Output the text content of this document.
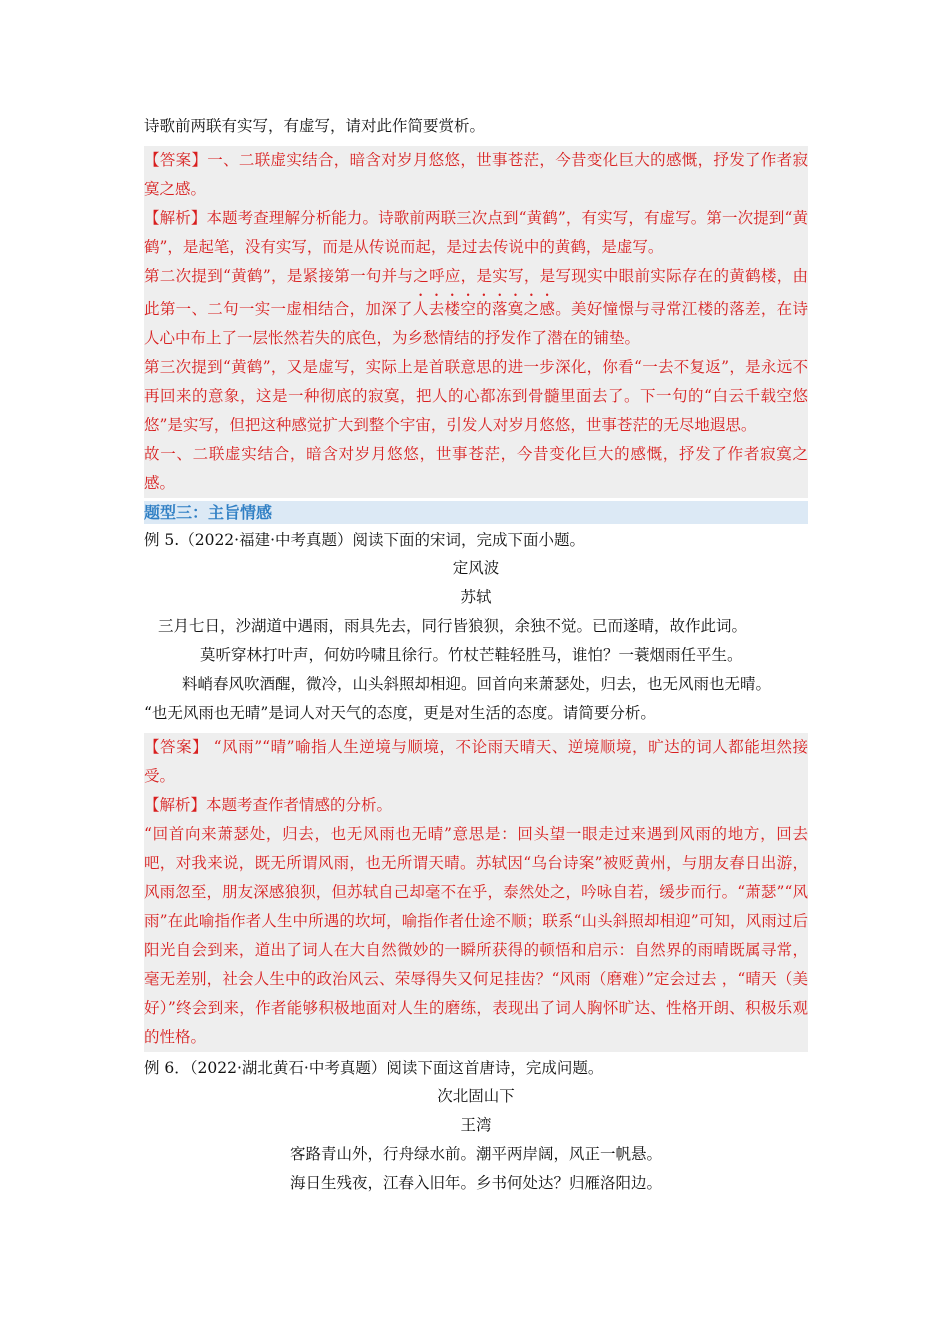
诗歌前两联有实写，有虚写，请对此作简要赏析。

【答案】一、二联虚实结合，暗含对岁月悠悠，世事苍茫，今昔变化巨大的感慨，抒发了作者寂寞之感。

【解析】本题考查理解分析能力。诗歌前两联三次点到“黄鹤”，有实写，有虚写。第一次提到“黄鹤”，是起笔，没有实写，而是从传说而起，是过去传说中的黄鹤，是虚写。

第二次提到“黄鹤”，是紧接第一句并与之呼应，是实写，是写现实中眼前实际存在的黄鹤楼，由此第一、二句一实一虚相结合，加深了人去楼空的落寞之感。美好憧憬与寻常江楼的落差，在诗人心中布上了一层怅然若失的底色，为乡愁情结的抒发作了潜在的铺垫。

第三次提到“黄鹤”，又是虚写，实际上是首联意思的进一步深化，你看“一去不复返”，是永远不再回来的意象，这是一种彻底的寂寞，把人的心都冻到骨髓里面去了。下一句的“白云千载空悠悠”是实写，但把这种感觉扩大到整个宇宙，引发人对岁月悠悠，世事苍茫的无尽地遐思。

故一、二联虚实结合，暗含对岁月悠悠，世事苍茫，今昔变化巨大的感慨，抒发了作者寂寞之感。

题型三：主旨情感

例 5.（2022·福建·中考真题）阅读下面的宋词，完成下面小题。

定风波

苏轼

三月七日，沙湖道中遇雨，雨具先去，同行皆狼狈，余独不觉。已而遂晴，故作此词。

莫听穿林打叶声，何妨吟啸且徐行。竹杖芒鞋轻胜马，谁怕？一蓑烟雨任平生。

料峭春风吹酒醒，微冷，山头斜照却相迎。回首向来萧瑟处，归去，也无风雨也无晴。

“也无风雨也无晴”是词人对天气的态度，更是对生活的态度。请简要分析。

【答案】 “风雨”“晴”喻指人生逆境与顺境，不论雨天晴天、逆境顺境，旷达的词人都能坦然接受。

【解析】本题考查作者情感的分析。

“回首向来萧瑟处，归去，也无风雨也无晴”意思是：回头望一眼走过来遇到风雨的地方，回去吧，对我来说，既无所谓风雨，也无所谓天晴。苏轼因“乌台诗案”被贬黄州，与朋友春日出游，风雨忽至，朋友深感狼狈，但苏轼自己却毫不在乎，泰然处之，吟咏自若，缓步而行。“萧瑟”“风雨”在此喻指作者人生中所遇的坎坷，喻指作者仕途不顺；联系“山头斜照却相迎”可知，风雨过后阳光自会到来，道出了词人在大自然微妙的一瞬所获得的顿悟和启示：自然界的雨晴既属寻常，毫无差别，社会人生中的政治风云、荣辱得失又何足挂齿？“风雨（磨难）”定会过去 ，“晴天（美好）”终会到来，作者能够积极地面对人生的磨练，表现出了词人胸怀旷达、性格开朗、积极乐观的性格。

例 6．（2022·湖北黄石·中考真题）阅读下面这首唐诗，完成问题。

次北固山下

王湾

客路青山外，行舟绿水前。潮平两岸阔，风正一帆悬。

海日生残夜，江春入旧年。乡书何处达？归雁洛阳边。
